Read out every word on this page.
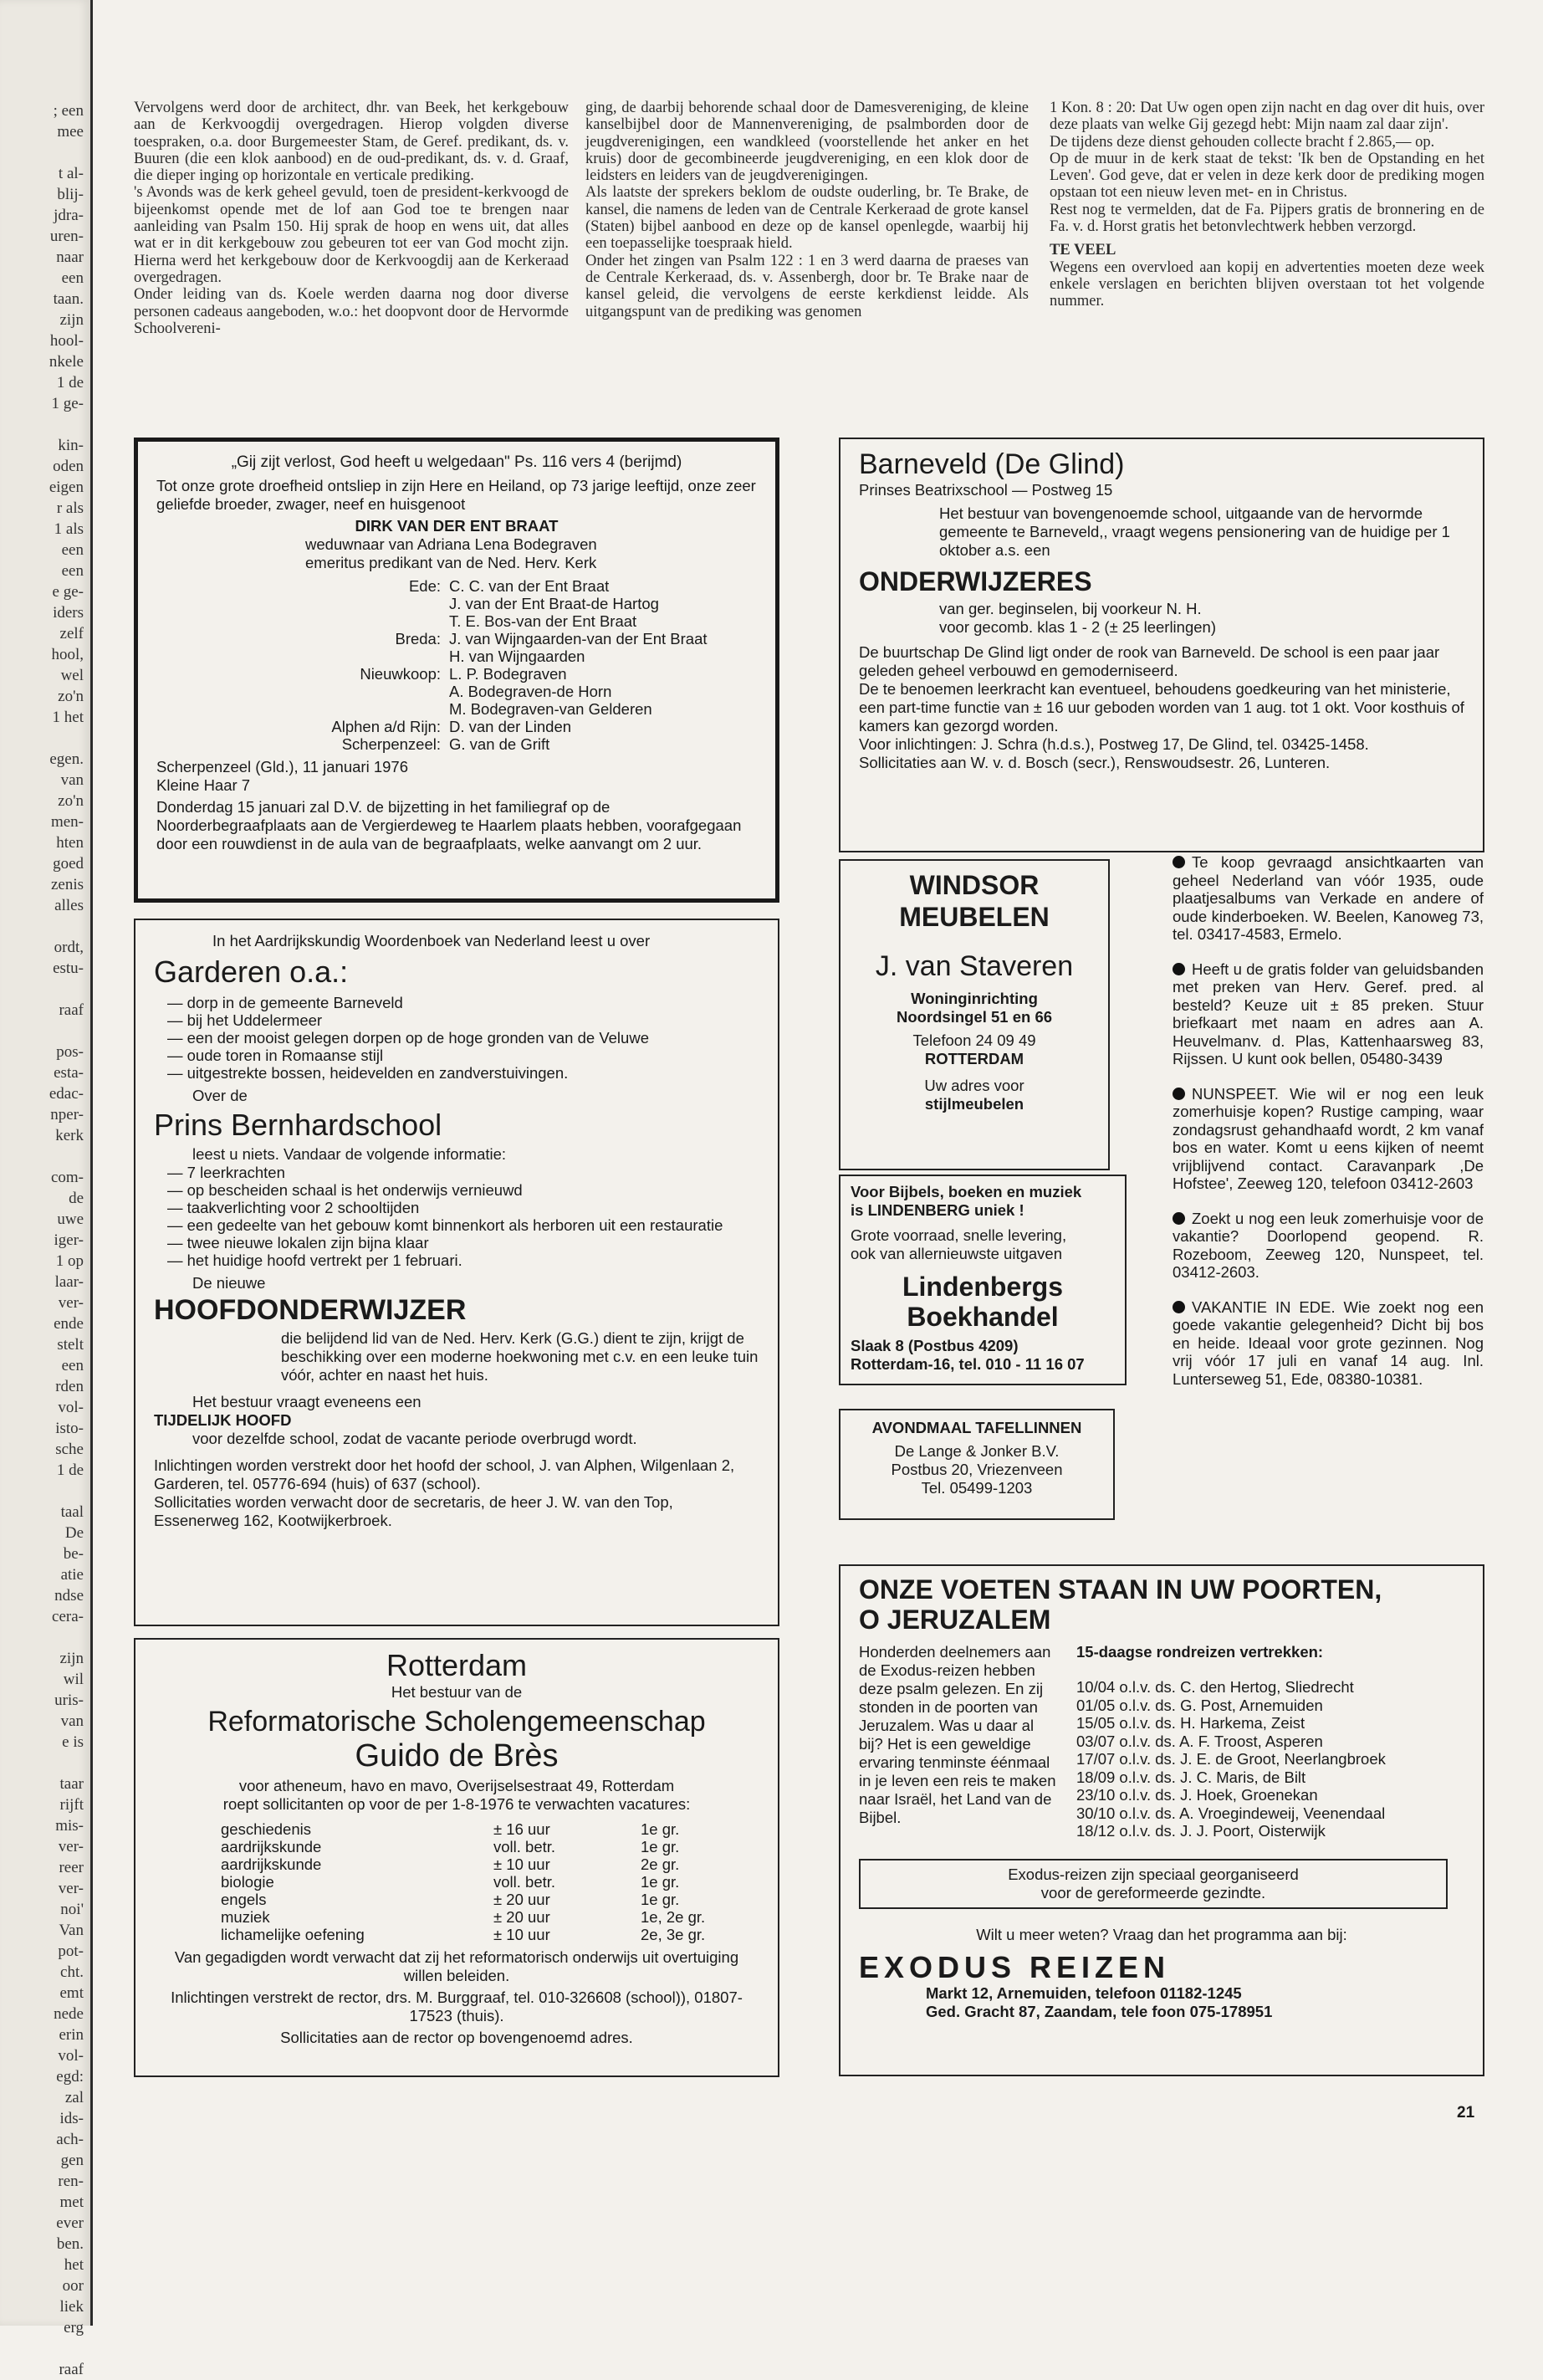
; een
mee

t al-
blij-
jdra-
uren-
naar
een
taan.
zijn
hool-
nkele
1 de
1 ge-

kin-
oden
eigen
r als
1 als
een
een
e ge-
iders
zelf
hool,
wel
zo'n
1 het

egen.
van
zo'n
men-
hten
goed
zenis
alles

ordt,
estu-

raaf

pos-
esta-
edac-
nper-
kerk

com-
de
uwe
iger-
1 op
laar-
ver-
ende
stelt
een
rden
vol-
isto-
sche
1 de

taal
De
be-
atie
ndse
cera-

zijn
wil
uris-
van
e is

taar
rijft
mis-
ver-
reer
ver-
noi'
Van
pot-
cht.
emt
nede
erin
vol-
egd:
zal
ids-
ach-
gen
ren-
met
ever
ben.
het
oor
liek
erg

raaf

Vervolgens werd door de architect, dhr. van Beek, het kerkgebouw aan de Kerkvoogdij overgedragen. Hierop volgden diverse toespraken, o.a. door Burgemeester Stam, de Geref. predikant, ds. v. Buuren (die een klok aanbood) en de oud-predikant, ds. v. d. Graaf, die dieper inging op horizontale en verticale prediking.
's Avonds was de kerk geheel gevuld, toen de president-kerkvoogd de bijeenkomst opende met de lof aan God toe te brengen naar aanleiding van Psalm 150. Hij sprak de hoop en wens uit, dat alles wat er in dit kerkgebouw zou gebeuren tot eer van God mocht zijn. Hierna werd het kerkgebouw door de Kerkvoogdij aan de Kerkeraad overgedragen.
Onder leiding van ds. Koele werden daarna nog door diverse personen cadeaus aangeboden, w.o.: het doopvont door de Hervormde Schoolvereni-

ging, de daarbij behorende schaal door de Damesvereniging, de kleine kanselbijbel door de Mannenvereniging, de psalmborden door de jeugdverenigingen, een wandkleed (voorstellende het anker en het kruis) door de gecombineerde jeugdvereniging, en een klok door de leidsters en leiders van de jeugdverenigingen.
Als laatste der sprekers beklom de oudste ouderling, br. Te Brake, de kansel, die namens de leden van de Centrale Kerkeraad de grote kansel (Staten) bijbel aanbood en deze op de kansel openlegde, waarbij hij een toepasselijke toespraak hield.
Onder het zingen van Psalm 122 : 1 en 3 werd daarna de praeses van de Centrale Kerkeraad, ds. v. Assenbergh, door br. Te Brake naar de kansel geleid, die vervolgens de eerste kerkdienst leidde. Als uitgangspunt van de prediking was genomen

1 Kon. 8 : 20: Dat Uw ogen open zijn nacht en dag over dit huis, over deze plaats van welke Gij gezegd hebt: Mijn naam zal daar zijn'.
De tijdens deze dienst gehouden collecte bracht f 2.865,— op.
Op de muur in de kerk staat de tekst: 'Ik ben de Opstanding en het Leven'. God geve, dat er velen in deze kerk door de prediking mogen opstaan tot een nieuw leven met- en in Christus.
Rest nog te vermelden, dat de Fa. Pijpers gratis de bronnering en de Fa. v. d. Horst gratis het betonvlechtwerk hebben verzorgd.

TE VEEL

Wegens een overvloed aan kopij en advertenties moeten deze week enkele verslagen en berichten blijven overstaan tot het volgende nummer.

„Gij zijt verlost, God heeft u welgedaan" Ps. 116 vers 4 (berijmd)

Tot onze grote droefheid ontsliep in zijn Here en Heiland, op 73 jarige leeftijd, onze zeer geliefde broeder, zwager, neef en huisgenoot

DIRK VAN DER ENT BRAAT

weduwnaar van Adriana Lena Bodegraven

emeritus predikant van de Ned. Herv. Kerk

Ede: C. C. van der Ent Braat
J. van der Ent Braat-de Hartog
T. E. Bos-van der Ent Braat
Breda: J. van Wijngaarden-van der Ent Braat
H. van Wijngaarden
Nieuwkoop: L. P. Bodegraven
A. Bodegraven-de Horn
M. Bodegraven-van Gelderen
Alphen a/d Rijn: D. van der Linden
Scherpenzeel: G. van de Grift

Scherpenzeel (Gld.), 11 januari 1976

Kleine Haar 7

Donderdag 15 januari zal D.V. de bijzetting in het familiegraf op de Noorderbegraafplaats aan de Vergierdeweg te Haarlem plaats hebben, voorafgegaan door een rouwdienst in de aula van de begraafplaats, welke aanvangt om 2 uur.

In het Aardrijkskundig Woordenboek van Nederland leest u over

Garderen o.a.:

— dorp in de gemeente Barneveld
— bij het Uddelermeer
— een der mooist gelegen dorpen op de hoge gronden van de Veluwe
— oude toren in Romaanse stijl
— uitgestrekte bossen, heidevelden en zandverstuivingen.

Over de

Prins Bernhardschool

leest u niets. Vandaar de volgende informatie:

— 7 leerkrachten
— op bescheiden schaal is het onderwijs vernieuwd
— taakverlichting voor 2 schooltijden
— een gedeelte van het gebouw komt binnenkort als herboren uit een restauratie
— twee nieuwe lokalen zijn bijna klaar
— het huidige hoofd vertrekt per 1 februari.

De nieuwe

HOOFDONDERWIJZER

die belijdend lid van de Ned. Herv. Kerk (G.G.) dient te zijn, krijgt de beschikking over een moderne hoekwoning met c.v. en een leuke tuin vóór, achter en naast het huis.

Het bestuur vraagt eveneens een

TIJDELIJK HOOFD

voor dezelfde school, zodat de vacante periode overbrugd wordt.

Inlichtingen worden verstrekt door het hoofd der school, J. van Alphen, Wilgenlaan 2, Garderen, tel. 05776-694 (huis) of 637 (school).
Sollicitaties worden verwacht door de secretaris, de heer J. W. van den Top, Essenerweg 162, Kootwijkerbroek.

Rotterdam

Het bestuur van de

Reformatorische Scholengemeenschap

Guido de Brès

voor atheneum, havo en mavo, Overijselsestraat 49, Rotterdam

roept sollicitanten op voor de per 1-8-1976 te verwachten vacatures:

geschiedenis	± 16 uur	1e gr.
aardrijkskunde	voll. betr.	1e gr.
aardrijkskunde	± 10 uur	2e gr.
biologie	voll. betr.	1e gr.
engels	± 20 uur	1e gr.
muziek	± 20 uur	1e, 2e gr.
lichamelijke oefening	± 10 uur	2e, 3e gr.

Van gegadigden wordt verwacht dat zij het reformatorisch onderwijs uit overtuiging willen beleiden.

Inlichtingen verstrekt de rector, drs. M. Burggraaf, tel. 010-326608 (school)), 01807-17523 (thuis).

Sollicitaties aan de rector op bovengenoemd adres.

Barneveld (De Glind)

Prinses Beatrixschool — Postweg 15

Het bestuur van bovengenoemde school, uitgaande van de hervormde gemeente te Barneveld,, vraagt wegens pensionering van de huidige per 1 oktober a.s. een

ONDERWIJZERES

van ger. beginselen, bij voorkeur N. H.

voor gecomb. klas 1 - 2 (± 25 leerlingen)

De buurtschap De Glind ligt onder de rook van Barneveld. De school is een paar jaar geleden geheel verbouwd en gemoderniseerd.
De te benoemen leerkracht kan eventueel, behoudens goedkeuring van het ministerie, een part-time functie van ± 16 uur geboden worden van 1 aug. tot 1 okt. Voor kosthuis of kamers kan gezorgd worden.
Voor inlichtingen: J. Schra (h.d.s.), Postweg 17, De Glind, tel. 03425-1458.
Sollicitaties aan W. v. d. Bosch (secr.), Renswoudsestr. 26, Lunteren.

WINDSOR

MEUBELEN

J. van Staveren

Woninginrichting

Noordsingel 51 en 66

Telefoon 24 09 49

ROTTERDAM

Uw adres voor

stijlmeubelen

Voor Bijbels, boeken en muziek

is LINDENBERG uniek !

Grote voorraad, snelle levering,

ook van allernieuwste uitgaven

Lindenbergs

Boekhandel

Slaak 8 (Postbus 4209)

Rotterdam-16, tel. 010 - 11 16 07

AVONDMAAL TAFELLINNEN

De Lange & Jonker B.V.

Postbus 20, Vriezenveen

Tel. 05499-1203

Te koop gevraagd ansichtkaarten van geheel Nederland van vóór 1935, oude plaatjesalbums van Verkade en andere of oude kinderboeken. W. Beelen, Kanoweg 73, tel. 03417-4583, Ermelo.

Heeft u de gratis folder van geluidsbanden met preken van Herv. Geref. pred. al besteld? Keuze uit ± 85 preken. Stuur briefkaart met naam en adres aan A. Heuvelmanv. d. Plas, Kattenhaarsweg 83, Rijssen. U kunt ook bellen, 05480-3439

NUNSPEET. Wie wil er nog een leuk zomerhuisje kopen? Rustige camping, waar zondagsrust gehandhaafd wordt, 2 km vanaf bos en water. Komt u eens kijken of neemt vrijblijvend contact. Caravanpark ,De Hofstee', Zeeweg 120, telefoon 03412-2603

Zoekt u nog een leuk zomerhuisje voor de vakantie? Doorlopend geopend. R. Rozeboom, Zeeweg 120, Nunspeet, tel. 03412-2603.

VAKANTIE IN EDE. Wie zoekt nog een goede vakantie gelegenheid? Dicht bij bos en heide. Ideaal voor grote gezinnen. Nog vrij vóór 17 juli en vanaf 14 aug. Inl. Lunterseweg 51, Ede, 08380-10381.

ONZE VOETEN STAAN IN UW POORTEN,

O JERUZALEM

Honderden deelnemers aan de Exodus-reizen hebben deze psalm gelezen. En zij stonden in de poorten van Jeruzalem. Was u daar al bij? Het is een geweldige ervaring tenminste éénmaal in je leven een reis te maken naar Israël, het Land van de Bijbel.

15-daagse rondreizen vertrekken:

10/04 o.l.v. ds. C. den Hertog, Sliedrecht

01/05 o.l.v. ds. G. Post, Arnemuiden

15/05 o.l.v. ds. H. Harkema, Zeist

03/07 o.l.v. ds. A. F. Troost, Asperen

17/07 o.l.v. ds. J. E. de Groot, Neerlangbroek

18/09 o.l.v. ds. J. C. Maris, de Bilt

23/10 o.l.v. ds. J. Hoek, Groenekan

30/10 o.l.v. ds. A. Vroegindeweij, Veenendaal

18/12 o.l.v. ds. J. J. Poort, Oisterwijk

Exodus-reizen zijn speciaal georganiseerd

voor de gereformeerde gezindte.

Wilt u meer weten? Vraag dan het programma aan bij:

EXODUS REIZEN

Markt 12, Arnemuiden, telefoon 01182-1245

Ged. Gracht 87, Zaandam, tele foon 075-178951

21
